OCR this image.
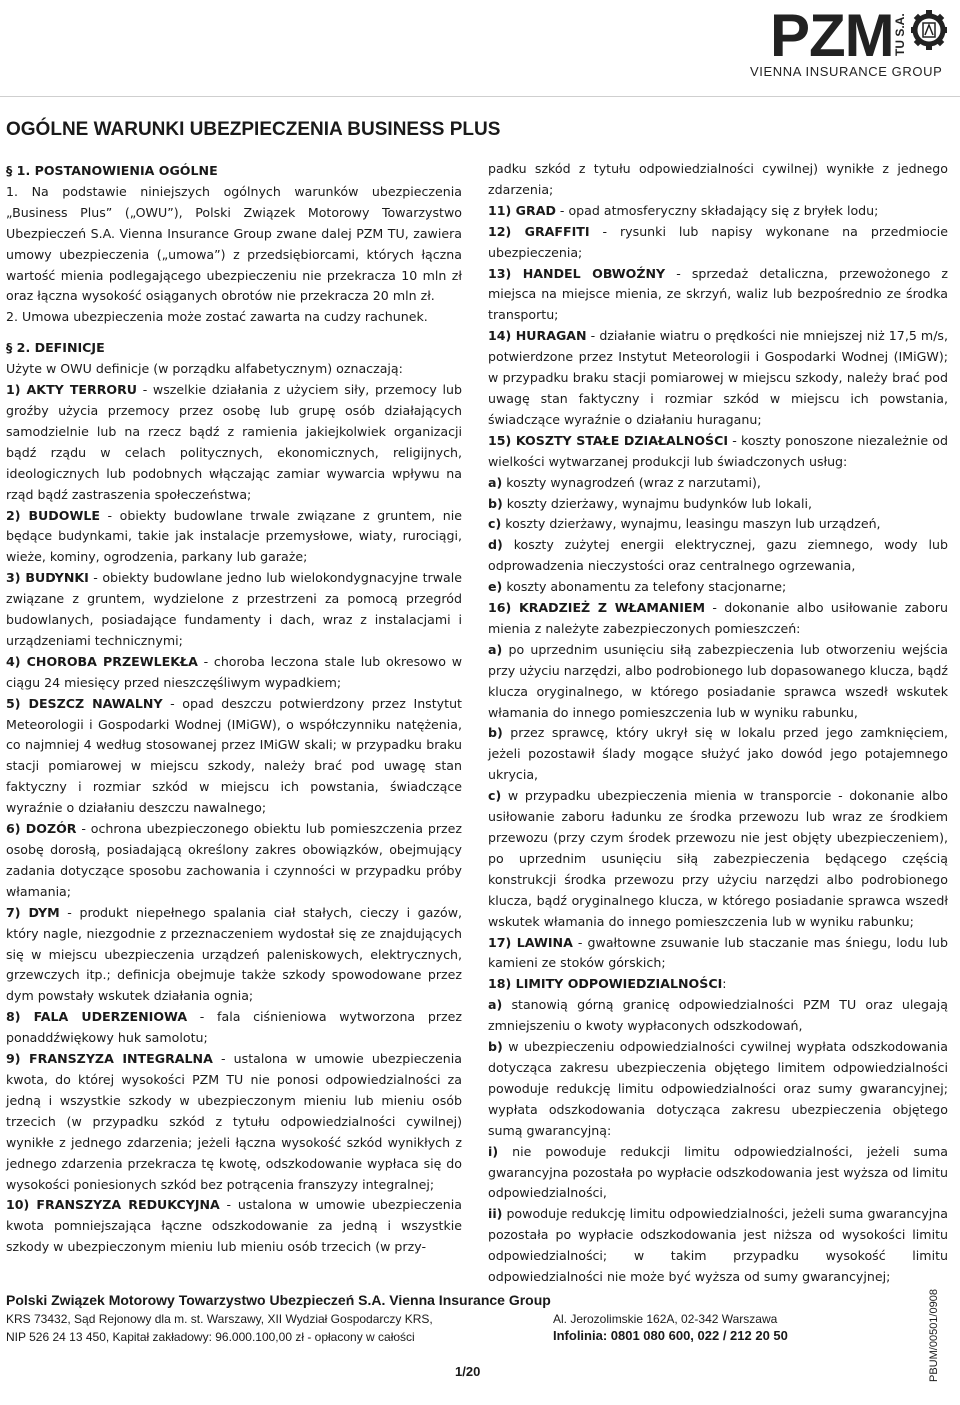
PZM TU S.A.
VIENNA INSURANCE GROUP
OGÓLNE WARUNKI UBEZPIECZENIA BUSINESS PLUS

§ 1. POSTANOWIENIA OGÓLNE

1. Na podstawie niniejszych ogólnych warunków ubezpieczenia „Business Plus” („OWU”), Polski Związek Motorowy Towarzystwo Ubezpieczeń S.A. Vienna Insurance Group zwane dalej PZM TU, zawiera umowy ubezpieczenia („umowa”) z przedsiębiorcami, których łączna wartość mienia podlegającego ubezpieczeniu nie przekracza 10 mln zł oraz łączna wysokość osiąganych obrotów nie przekracza 20 mln zł.

2. Umowa ubezpieczenia może zostać zawarta na cudzy rachunek.

§ 2. DEFINICJE

Użyte w OWU definicje (w porządku alfabetycznym) oznaczają:

1) AKTY TERRORU - wszelkie działania z użyciem siły, przemocy lub groźby użycia przemocy przez osobę lub grupę osób działających samodzielnie lub na rzecz bądź z ramienia jakiejkolwiek organizacji bądź rządu w celach politycznych, ekonomicznych, religijnych, ideologicznych lub podobnych włączając zamiar wywarcia wpływu na rząd bądź zastraszenia społeczeństwa;

2) BUDOWLE - obiekty budowlane trwale związane z gruntem, nie będące budynkami, takie jak instalacje przemysłowe, wiaty, rurociągi, wieże, kominy, ogrodzenia, parkany lub garaże;

3) BUDYNKI - obiekty budowlane jedno lub wielokondygnacyjne trwale związane z gruntem, wydzielone z przestrzeni za pomocą przegród budowlanych, posiadające fundamenty i dach, wraz z instalacjami i urządzeniami technicznymi;

4) CHOROBA PRZEWLEKŁA - choroba leczona stale lub okresowo w ciągu 24 miesięcy przed nieszczęśliwym wypadkiem;

5) DESZCZ NAWALNY - opad deszczu potwierdzony przez Instytut Meteorologii i Gospodarki Wodnej (IMiGW), o współczynniku natężenia, co najmniej 4 według stosowanej przez IMiGW skali; w przypadku braku stacji pomiarowej w miejscu szkody, należy brać pod uwagę stan faktyczny i rozmiar szkód w miejscu ich powstania, świadczące wyraźnie o działaniu deszczu nawalnego;

6) DOZÓR - ochrona ubezpieczonego obiektu lub pomieszczenia przez osobę dorosłą, posiadającą określony zakres obowiązków, obejmujący zadania dotyczące sposobu zachowania i czynności w przypadku próby włamania;

7) DYM - produkt niepełnego spalania ciał stałych, cieczy i gazów, który nagle, niezgodnie z przeznaczeniem wydostał się ze znajdujących się w miejscu ubezpieczenia urządzeń paleniskowych, elektrycznych, grzewczych itp.; definicja obejmuje także szkody spowodowane przez dym powstały wskutek działania ognia;

8) FALA UDERZENIOWA - fala ciśnieniowa wytworzona przez ponaddźwiękowy huk samolotu;

9) FRANSZYZA INTEGRALNA - ustalona w umowie ubezpieczenia kwota, do której wysokości PZM TU nie ponosi odpowiedzialności za jedną i wszystkie szkody w ubezpieczonym mieniu lub mieniu osób trzecich (w przypadku szkód z tytułu odpowiedzialności cywilnej) wynikłe z jednego zdarzenia; jeżeli łączna wysokość szkód wynikłych z jednego zdarzenia przekracza tę kwotę, odszkodowanie wypłaca się do wysokości poniesionych szkód bez potrącenia franszyzy integralnej;

10) FRANSZYZA REDUKCYJNA - ustalona w umowie ubezpieczenia kwota pomniejszająca łączne odszkodowanie za jedną i wszystkie szkody w ubezpieczonym mieniu lub mieniu osób trzecich (w przy-

padku szkód z tytułu odpowiedzialności cywilnej) wynikłe z jednego zdarzenia;

11) GRAD - opad atmosferyczny składający się z bryłek lodu;

12) GRAFFITI - rysunki lub napisy wykonane na przedmiocie ubezpieczenia;

13) HANDEL OBWOŹNY - sprzedaż detaliczna, przewożonego z miejsca na miejsce mienia, ze skrzyń, waliz lub bezpośrednio ze środka transportu;

14) HURAGAN - działanie wiatru o prędkości nie mniejszej niż 17,5 m/s, potwierdzone przez Instytut Meteorologii i Gospodarki Wodnej (IMiGW); w przypadku braku stacji pomiarowej w miejscu szkody, należy brać pod uwagę stan faktyczny i rozmiar szkód w miejscu ich powstania, świadczące wyraźnie o działaniu huraganu;

15) KOSZTY STAŁE DZIAŁALNOŚCI - koszty ponoszone niezależnie od wielkości wytwarzanej produkcji lub świadczonych usług:

a) koszty wynagrodzeń (wraz z narzutami),

b) koszty dzierżawy, wynajmu budynków lub lokali,

c) koszty dzierżawy, wynajmu, leasingu maszyn lub urządzeń,

d) koszty zużytej energii elektrycznej, gazu ziemnego, wody lub odprowadzenia nieczystości oraz centralnego ogrzewania,

e) koszty abonamentu za telefony stacjonarne;

16) KRADZIEŻ Z WŁAMANIEM - dokonanie albo usiłowanie zaboru mienia z należyte zabezpieczonych pomieszczeń:

a) po uprzednim usunięciu siłą zabezpieczenia lub otworzeniu wejścia przy użyciu narzędzi, albo podrobionego lub dopasowanego klucza, bądź klucza oryginalnego, w którego posiadanie sprawca wszedł wskutek włamania do innego pomieszczenia lub w wyniku rabunku,

b) przez sprawcę, który ukrył się w lokalu przed jego zamknięciem, jeżeli pozostawił ślady mogące służyć jako dowód jego potajemnego ukrycia,

c) w przypadku ubezpieczenia mienia w transporcie - dokonanie albo usiłowanie zaboru ładunku ze środka przewozu lub wraz ze środkiem przewozu (przy czym środek przewozu nie jest objęty ubezpieczeniem), po uprzednim usunięciu siłą zabezpieczenia będącego częścią konstrukcji środka przewozu przy użyciu narzędzi albo podrobionego klucza, bądź oryginalnego klucza, w którego posiadanie sprawca wszedł wskutek włamania do innego pomieszczenia lub w wyniku rabunku;

17) LAWINA - gwałtowne zsuwanie lub staczanie mas śniegu, lodu lub kamieni ze stoków górskich;

18) LIMITY ODPOWIEDZIALNOŚCI:

a) stanowią górną granicę odpowiedzialności PZM TU oraz ulegają zmniejszeniu o kwoty wypłaconych odszkodowań,

b) w ubezpieczeniu odpowiedzialności cywilnej wypłata odszkodowania dotycząca zakresu ubezpieczenia objętego limitem odpowiedzialności powoduje redukcję limitu odpowiedzialności oraz sumy gwarancyjnej; wypłata odszkodowania dotycząca zakresu ubezpieczenia objętego sumą gwarancyjną:

i) nie powoduje redukcji limitu odpowiedzialności, jeżeli suma gwarancyjna pozostała po wypłacie odszkodowania jest wyższa od limitu odpowiedzialności,

ii) powoduje redukcję limitu odpowiedzialności, jeżeli suma gwarancyjna pozostała po wypłacie odszkodowania jest niższa od wysokości limitu odpowiedzialności; w takim przypadku wysokość limitu odpowiedzialności nie może być wyższa od sumy gwarancyjnej;

Polski Związek Motorowy Towarzystwo Ubezpieczeń S.A. Vienna Insurance Group
KRS 73432, Sąd Rejonowy dla m. st. Warszawy, XII Wydział Gospodarczy KRS,
NIP 526 24 13 450, Kapitał zakładowy: 96.000.100,00 zł - opłacony w całości
Al. Jerozolimskie 162A, 02-342 Warszawa
Infolinia: 0801 080 600, 022 / 212 20 50
1/20	PBUM/00501/0908
